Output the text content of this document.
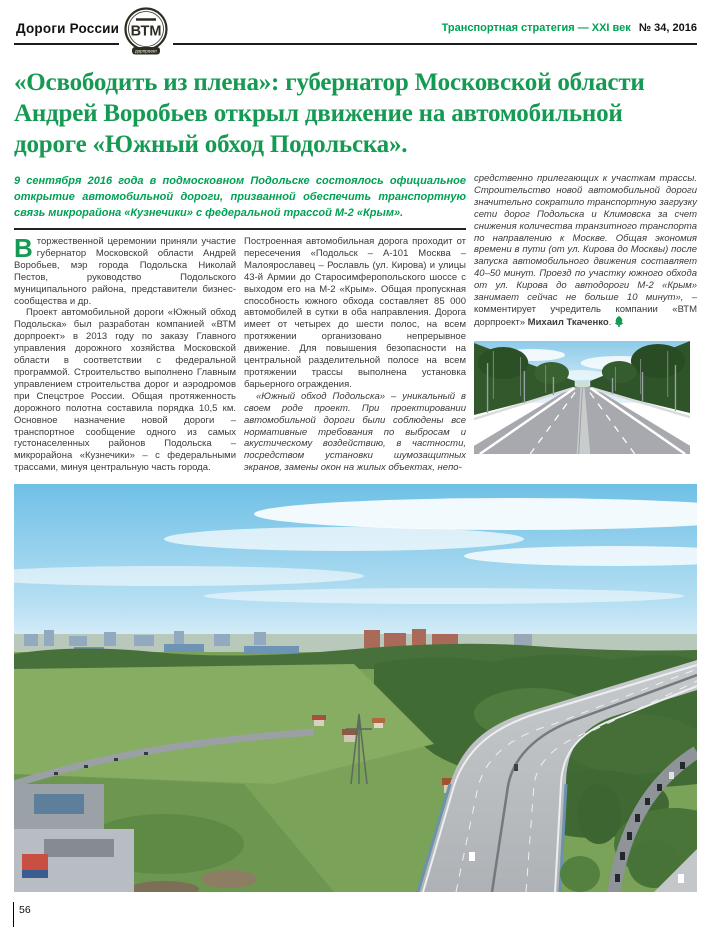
Дороги России ВТМ
дорпроект
Транспортная стратегия — XXI век № 34, 2016
«Освободить из плена»: губернатор Московской области Андрей Воробьев открыл движение на автомобильной дороге «Южный обход Подольска».

9 сентября 2016 года в подмосковном Подольске состоялось официальное открытие автомобильной дороги, призванной обеспечить транспортную связь микрорайона «Кузнечики» с федеральной трассой М-2 «Крым».

Вторжественной церемонии приняли участие губернатор Московской области Андрей Воробьев, мэр города Подольска Николай Пестов, руководство Подольского муниципального района, представители бизнес-сообщества и др.

Проект автомобильной дороги «Южный обход Подольска» был разработан компанией «ВТМ дорпроект» в 2013 году по заказу Главного управления дорожного хозяйства Московской области в соответствии с федеральной программой. Строительство выполнено Главным управлением строительства дорог и аэродромов при Спецстрое России. Общая протяженность дорожного полотна составила порядка 10,5 км. Основное назначение новой дороги – транспортное сообщение одного из самых густонаселенных районов Подольска – микрорайона «Кузнечики» – с федеральными трассами, минуя центральную часть города.

Построенная автомобильная дорога проходит от пересечения «Подольск – А-101 Москва – Малоярославец – Рославль (ул. Кирова) и улицы 43-й Армии до Старосимферопольского шоссе с выходом его на М-2 «Крым». Общая пропускная способность южного обхода составляет 85 000 автомобилей в сутки в оба направления. Дорога имеет от четырех до шести полос, на всем протяжении организовано непрерывное движение. Для повышения безопасности на центральной разделительной полосе на всем протяжении трассы выполнена установка барьерного ограждения.

«Южный обход Подольска» – уникальный в своем роде проект. При проектировании автомобильной дороги были соблюдены все нормативные требования по выбросам и акустическому воздействию, в частности, посредством установки шумозащитных экранов, замены окон на жилых объектах, непо-

средственно прилегающих к участкам трассы. Строительство новой автомобильной дороги значительно сократило транспортную загрузку сети дорог Подольска и Климовска за счет снижения количества транзитного транспорта по направлению к Москве. Общая экономия времени в пути (от ул. Кирова до Москвы) после запуска автомобильного движения составляет 40–50 минут. Проезд по участку южного обхода от ул. Кирова до автодороги М-2 «Крым» занимает сейчас не больше 10 минут», – комментирует учредитель компании «ВТМ дорпроект» Михаил Ткаченко.

56
